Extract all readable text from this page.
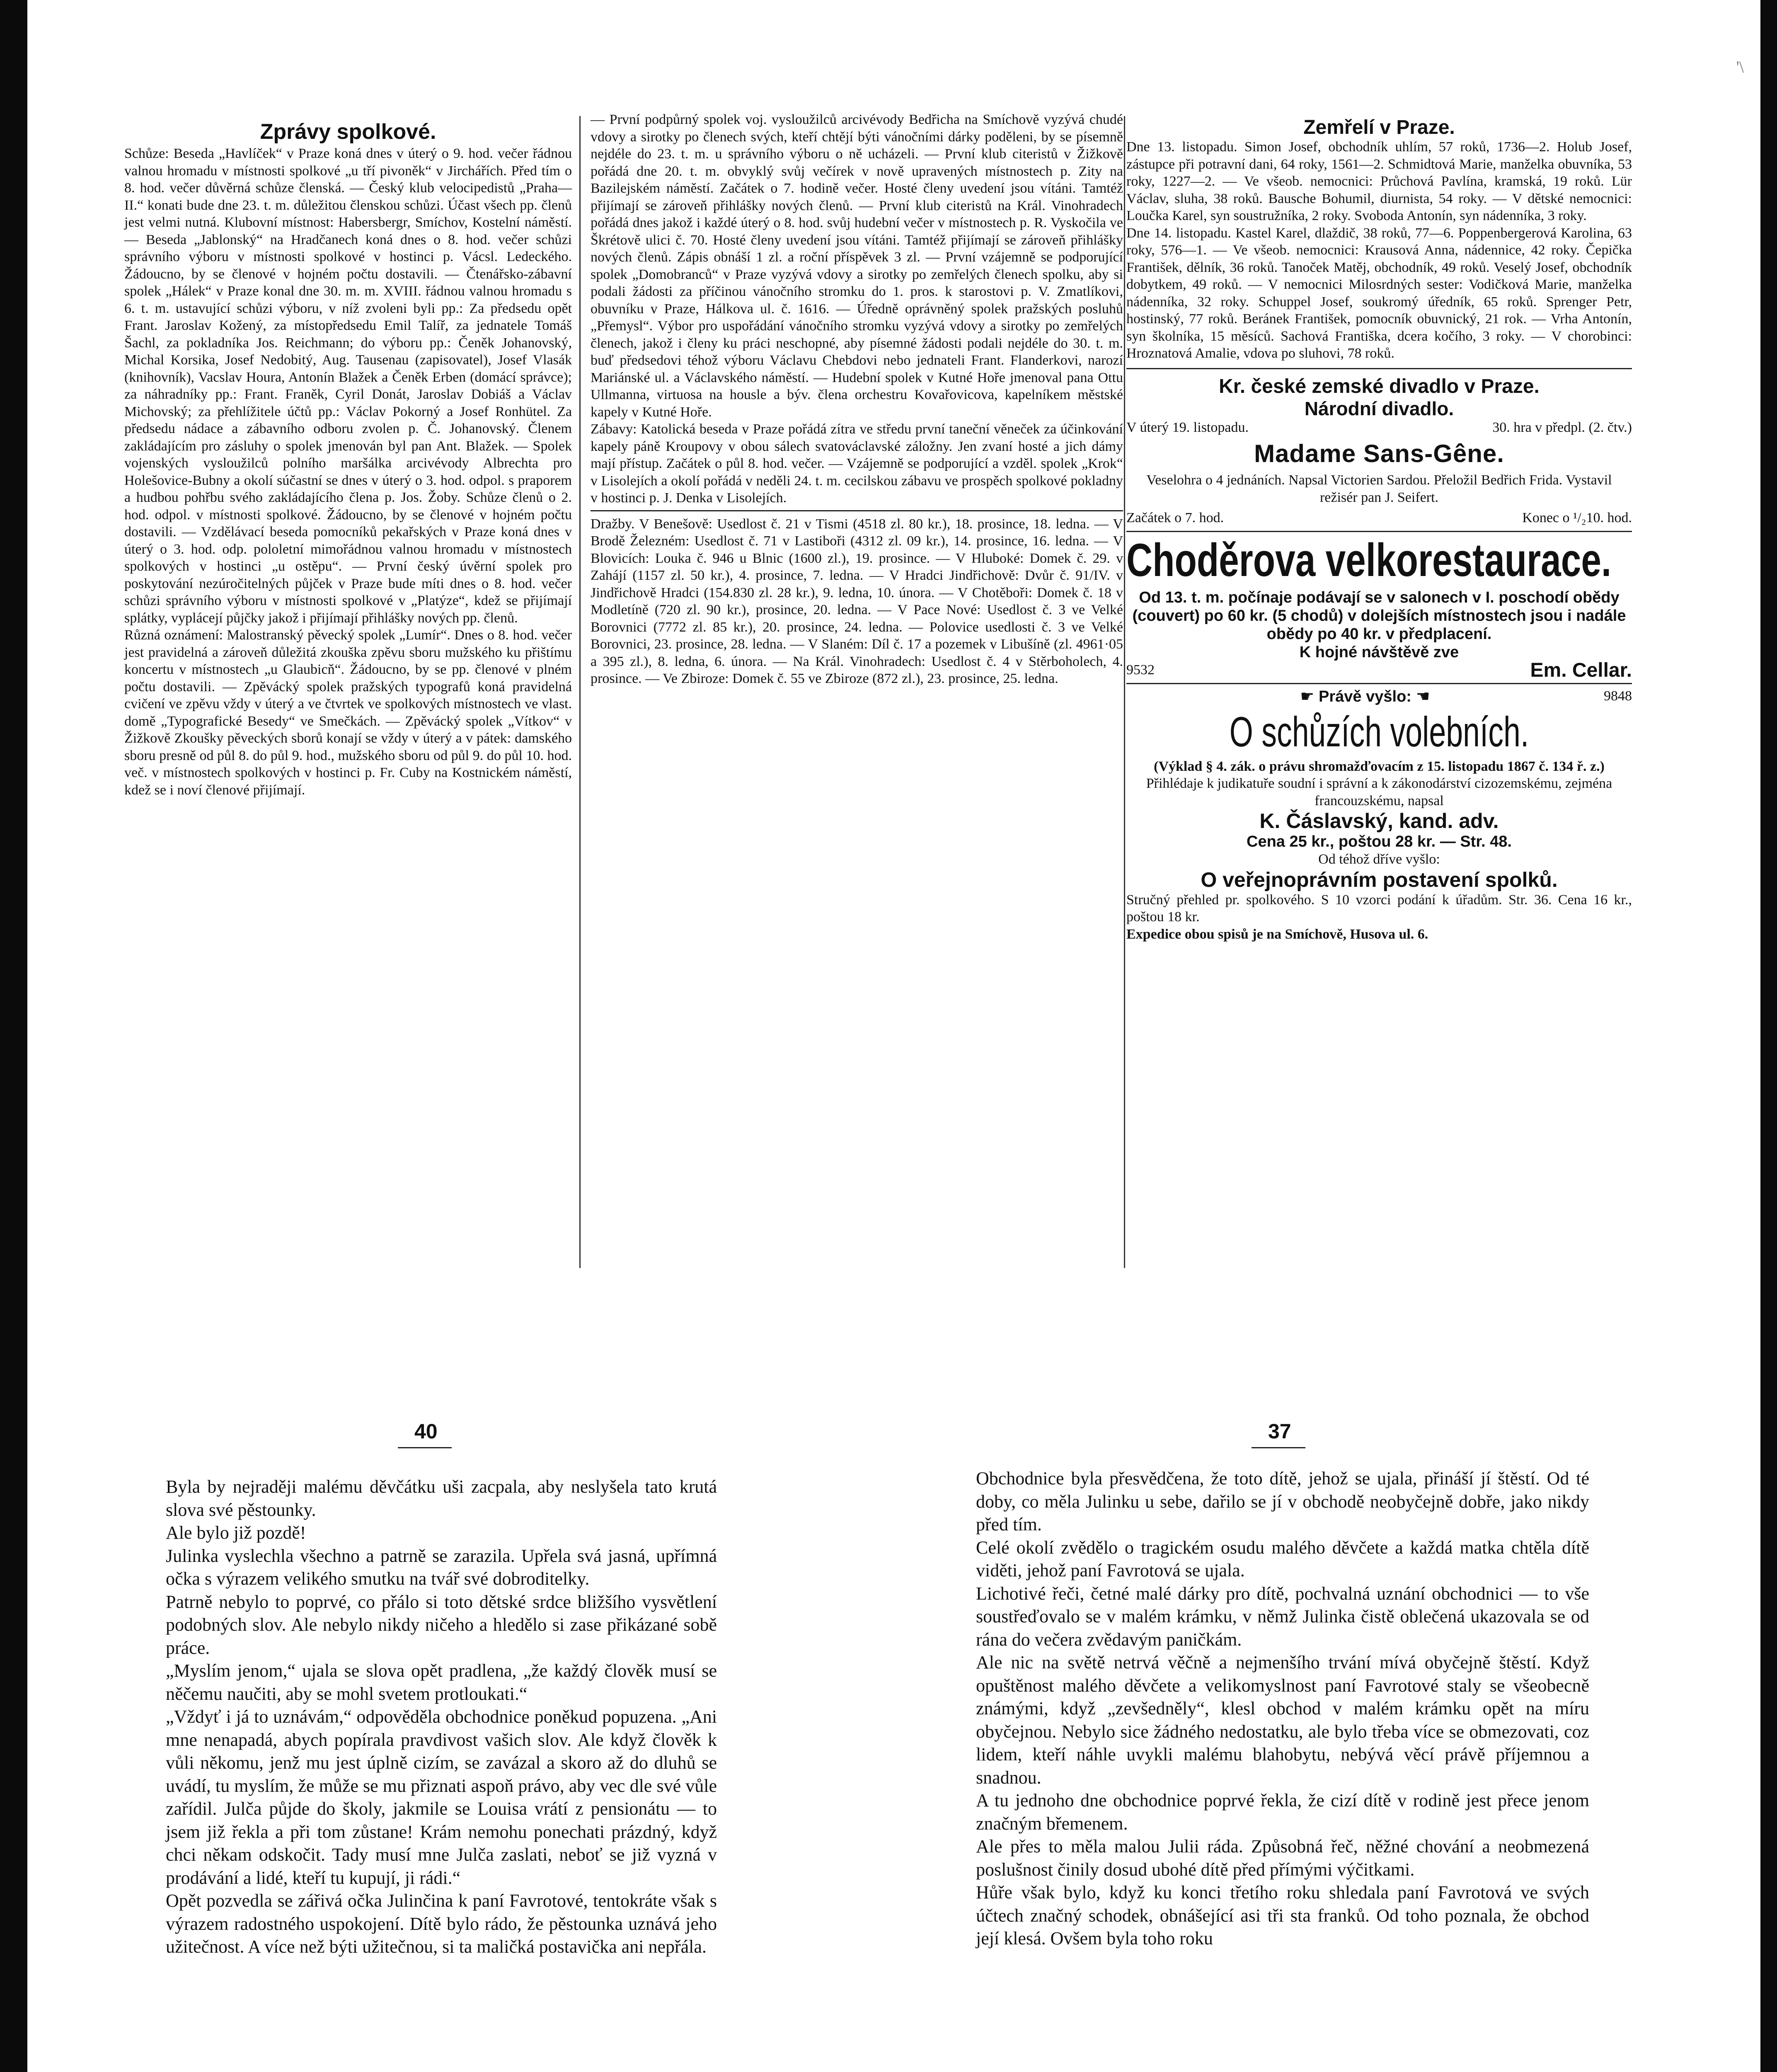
'\
Zprávy spolkové.

Schůze: Beseda „Havlíček“ v Praze koná dnes v úterý o 9. hod. večer řádnou valnou hromadu v místnosti spolkové „u tří pivoněk“ v Jirchářích. Před tím o 8. hod. večer důvěrná schůze členská. — Český klub velocipedistů „Praha—II.“ konati bude dne 23. t. m. důležitou členskou schůzi. Účast všech pp. členů jest velmi nutná. Klubovní místnost: Habersbergr, Smíchov, Kostelní náměstí. — Beseda „Jablonský“ na Hradčanech koná dnes o 8. hod. večer schůzi správního výboru v místnosti spolkové v hostinci p. Vácsl. Ledeckého. Žádoucno, by se členové v hojném počtu dostavili. — Čtenářsko-zábavní spolek „Hálek“ v Praze konal dne 30. m. m. XVIII. řádnou valnou hromadu s 6. t. m. ustavující schůzi výboru, v níž zvoleni byli pp.: Za předsedu opět Frant. Jaroslav Kožený, za místopředsedu Emil Talíř, za jednatele Tomáš Šachl, za pokladníka Jos. Reichmann; do výboru pp.: Čeněk Johanovský, Michal Korsika, Josef Nedobitý, Aug. Tausenau (zapisovatel), Josef Vlasák (knihovník), Vacslav Houra, Antonín Blažek a Čeněk Erben (domácí správce); za náhradníky pp.: Frant. Franěk, Cyril Donát, Jaroslav Dobiáš a Václav Michovský; za přehlížitele účtů pp.: Václav Pokorný a Josef Ronhütel. Za předsedu nádace a zábavního odboru zvolen p. Č. Johanovský. Členem zakládajícím pro zásluhy o spolek jmenován byl pan Ant. Blažek. — Spolek vojenských vysloužilců polního maršálka arcivévody Albrechta pro Holešovice-Bubny a okolí súčastní se dnes v úterý o 3. hod. odpol. s praporem a hudbou pohřbu svého zakládajícího člena p. Jos. Žoby. Schůze členů o 2. hod. odpol. v místnosti spolkové. Žádoucno, by se členové v hojném počtu dostavili. — Vzdělávací beseda pomocníků pekařských v Praze koná dnes v úterý o 3. hod. odp. pololetní mimořádnou valnou hromadu v místnostech spolkových v hostinci „u ostěpu“. — První český úvěrní spolek pro poskytování nezúročitelných půjček v Praze bude míti dnes o 8. hod. večer schůzi správního výboru v místnosti spolkové v „Platýze“, kdež se přijímají splátky, vyplácejí půjčky jakož i přijímají přihlášky nových pp. členů.

Různá oznámení: Malostranský pěvecký spolek „Lumír“. Dnes o 8. hod. večer jest pravidelná a zároveň důležitá zkouška zpěvu sboru mužského ku přištímu koncertu v místnostech „u Glaubicň“. Žádoucno, by se pp. členové v plném počtu dostavili. — Zpěvácký spolek pražských typografů koná pravidelná cvičení ve zpěvu vždy v úterý a ve čtvrtek ve spolkových místnostech ve vlast. domě „Typografické Besedy“ ve Smečkách. — Zpěvácký spolek „Vítkov“ v Žižkově Zkoušky pěveckých sborů konají se vždy v úterý a v pátek: damského sboru presně od půl 8. do půl 9. hod., mužského sboru od půl 9. do půl 10. hod. več. v místnostech spolkových v hostinci p. Fr. Cuby na Kostnickém náměstí, kdež se i noví členové přijímají.

— První podpůrný spolek voj. vysloužilců arcivévody Bedřicha na Smíchově vyzývá chudé vdovy a sirotky po členech svých, kteří chtějí býti vánočními dárky poděleni, by se písemně nejdéle do 23. t. m. u správního výboru o ně ucházeli. — První klub citeristů v Žižkově pořádá dne 20. t. m. obvyklý svůj večírek v nově upravených místnostech p. Zity na Bazilejském náměstí. Začátek o 7. hodině večer. Hosté členy uvedení jsou vítáni. Tamtéž přijímají se zároveň přihlášky nových členů. — První klub citeristů na Král. Vinohradech pořádá dnes jakož i každé úterý o 8. hod. svůj hudební večer v místnostech p. R. Vyskočila ve Škrétově ulici č. 70. Hosté členy uvedení jsou vítáni. Tamtéž přijímají se zároveň přihlášky nových členů. Zápis obnáší 1 zl. a roční příspěvek 3 zl. — První vzájemně se podporující spolek „Domobranců“ v Praze vyzývá vdovy a sirotky po zemřelých členech spolku, aby si podali žádosti za příčinou vánočního stromku do 1. pros. k starostovi p. V. Zmatlíkovi, obuvníku v Praze, Hálkova ul. č. 1616. — Úředně oprávněný spolek pražských posluhů „Přemysl“. Výbor pro uspořádání vánočního stromku vyzývá vdovy a sirotky po zemřelých členech, jakož i členy ku práci neschopné, aby písemné žádosti podali nejdéle do 30. t. m. buď předsedovi téhož výboru Václavu Chebdovi nebo jednateli Frant. Flanderkovi, narozí Mariánské ul. a Václavského náměstí. — Hudební spolek v Kutné Hoře jmenoval pana Ottu Ullmanna, virtuosa na housle a býv. člena orchestru Kovařovicova, kapelníkem městské kapely v Kutné Hoře.

Zábavy: Katolická beseda v Praze pořádá zítra ve středu první taneční věneček za účinkování kapely páně Kroupovy v obou sálech svatováclavské záložny. Jen zvaní hosté a jich dámy mají přístup. Začátek o půl 8. hod. večer. — Vzájemně se podporující a vzděl. spolek „Krok“ v Lisolejích a okolí pořádá v neděli 24. t. m. cecilskou zábavu ve prospěch spolkové pokladny v hostinci p. J. Denka v Lisolejích.

Dražby. V Benešově: Usedlost č. 21 v Tismi (4518 zl. 80 kr.), 18. prosince, 18. ledna. — V Brodě Železném: Usedlost č. 71 v Lastiboři (4312 zl. 09 kr.), 14. prosince, 16. ledna. — V Blovicích: Louka č. 946 u Blnic (1600 zl.), 19. prosince. — V Hluboké: Domek č. 29. v Zahájí (1157 zl. 50 kr.), 4. prosince, 7. ledna. — V Hradci Jindřichově: Dvůr č. 91/IV. v Jindřichově Hradci (154.830 zl. 28 kr.), 9. ledna, 10. února. — V Chotěboři: Domek č. 18 v Modletíně (720 zl. 90 kr.), prosince, 20. ledna. — V Pace Nové: Usedlost č. 3 ve Velké Borovnici (7772 zl. 85 kr.), 20. prosince, 24. ledna. — Polovice usedlosti č. 3 ve Velké Borovnici, 23. prosince, 28. ledna. — V Slaném: Díl č. 17 a pozemek v Libušíně (zl. 4961·05 a 395 zl.), 8. ledna, 6. února. — Na Král. Vinohradech: Usedlost č. 4 v Stěrboholech, 4. prosince. — Ve Zbiroze: Domek č. 55 ve Zbiroze (872 zl.), 23. prosince, 25. ledna.

Zemřelí v Praze.

Dne 13. listopadu. Simon Josef, obchodník uhlím, 57 roků, 1736—2. Holub Josef, zástupce při potravní dani, 64 roky, 1561—2. Schmidtová Marie, manželka obuvníka, 53 roky, 1227—2. — Ve všeob. nemocnici: Průchová Pavlína, kramská, 19 roků. Lür Václav, sluha, 38 roků. Bausche Bohumil, diurnista, 54 roky. — V dětské nemocnici: Loučka Karel, syn soustružníka, 2 roky. Svoboda Antonín, syn nádenníka, 3 roky.

Dne 14. listopadu. Kastel Karel, dlaždič, 38 roků, 77—6. Poppenbergerová Karolina, 63 roky, 576—1. — Ve všeob. nemocnici: Krausová Anna, nádennice, 42 roky. Čepička František, dělník, 36 roků. Tanoček Matěj, obchodník, 49 roků. Veselý Josef, obchodník dobytkem, 49 roků. — V nemocnici Milosrdných sester: Vodičková Marie, manželka nádenníka, 32 roky. Schuppel Josef, soukromý úředník, 65 roků. Sprenger Petr, hostinský, 77 roků. Beránek František, pomocník obuvnický, 21 rok. — Vrha Antonín, syn školníka, 15 měsíců. Sachová Františka, dcera kočího, 3 roky. — V chorobinci: Hroznatová Amalie, vdova po sluhovi, 78 roků.

Kr. české zemské divadlo v Praze.
Národní divadlo.
V úterý 19. listopadu.	30. hra v předpl. (2. čtv.)
Madame Sans-Gêne.

Veselohra o 4 jednáních. Napsal Victorien Sardou. Přeložil Bedřich Frida. Vystavil režisér pan J. Seifert.

Začátek o 7. hod.	Konec o ¹/₂10. hod.
Choděrova velkorestaurace.

Od 13. t. m. počínaje podávají se v salonech v I. poschodí obědy (couvert) po 60 kr. (5 chodů) v dolejších místnostech jsou i nadále obědy po 40 kr. v předplacení.

K hojné návštěvě zve

9532	Em. Cellar.
☛ Právě vyšlo: ☚	9848
O schůzích volebních.

(Výklad § 4. zák. o právu shromažďovacím z 15. listopadu 1867 č. 134 ř. z.)

Přihlédaje k judikatuře soudní i správní a k zákonodárství cizozemskému, zejména francouzskému, napsal

K. Čáslavský, kand. adv.

Cena 25 kr., poštou 28 kr. — Str. 48.

Od téhož dříve vyšlo:

O veřejnoprávním postavení spolků.

Stručný přehled pr. spolkového. S 10 vzorci podání k úřadům. Str. 36. Cena 16 kr., poštou 18 kr.

Expedice obou spisů je na Smíchově, Husova ul. 6.

40	37

Byla by nejraději malému děvčátku uši zacpala, aby neslyšela tato krutá slova své pěstounky.

Ale bylo již pozdě!

Julinka vyslechla všechno a patrně se zarazila. Upřela svá jasná, upřímná očka s výrazem velikého smutku na tvář své dobroditelky.

Patrně nebylo to poprvé, co přálo si toto dětské srdce bližšího vysvětlení podobných slov. Ale nebylo nikdy ničeho a hledělo si zase přikázané sobě práce.

„Myslím jenom,“ ujala se slova opět pradlena, „že každý člověk musí se něčemu naučiti, aby se mohl svetem protloukati.“

„Vždyť i já to uznávám,“ odpověděla obchodnice poněkud popuzena. „Ani mne nenapadá, abych popírala pravdivost vašich slov. Ale když člověk k vůli někomu, jenž mu jest úplně cizím, se zavázal a skoro až do dluhů se uvádí, tu myslím, že může se mu přiznati aspoň právo, aby vec dle své vůle zařídil. Julča půjde do školy, jakmile se Louisa vrátí z pensionátu — to jsem již řekla a při tom zůstane! Krám nemohu ponechati prázdný, když chci někam odskočit. Tady musí mne Julča zaslati, neboť se již vyzná v prodávání a lidé, kteří tu kupují, ji rádi.“

Opět pozvedla se zářivá očka Julinčina k paní Favrotové, tentokráte však s výrazem radostného uspokojení. Dítě bylo rádo, že pěstounka uznává jeho užitečnost. A více než býti užitečnou, si ta maličká postavička ani nepřála.

Obchodnice byla přesvědčena, že toto dítě, jehož se ujala, přináší jí štěstí. Od té doby, co měla Julinku u sebe, dařilo se jí v obchodě neobyčejně dobře, jako nikdy před tím.

Celé okolí zvědělo o tragickém osudu malého děvčete a každá matka chtěla dítě viděti, jehož paní Favrotová se ujala.

Lichotivé řeči, četné malé dárky pro dítě, pochvalná uznání obchodnici — to vše soustřeďovalo se v malém krámku, v němž Julinka čistě oblečená ukazovala se od rána do večera zvědavým paničkám.

Ale nic na světě netrvá věčně a nejmenšího trvání mívá obyčejně štěstí. Když opuštěnost malého děvčete a velikomyslnost paní Favrotové staly se všeobecně známými, když „zevšedněly“, klesl obchod v malém krámku opět na míru obyčejnou. Nebylo sice žádného nedostatku, ale bylo třeba více se obmezovati, coz lidem, kteří náhle uvykli malému blahobytu, nebývá věcí právě příjemnou a snadnou.

A tu jednoho dne obchodnice poprvé řekla, že cizí dítě v rodině jest přece jenom značným břemenem.

Ale přes to měla malou Julii ráda. Způsobná řeč, něžné chování a neobmezená poslušnost činily dosud ubohé dítě před přímými výčitkami.

Hůře však bylo, když ku konci třetího roku shledala paní Favrotová ve svých účtech značný schodek, obnášející asi tři sta franků. Od toho poznala, že obchod její klesá. Ovšem byla toho roku
